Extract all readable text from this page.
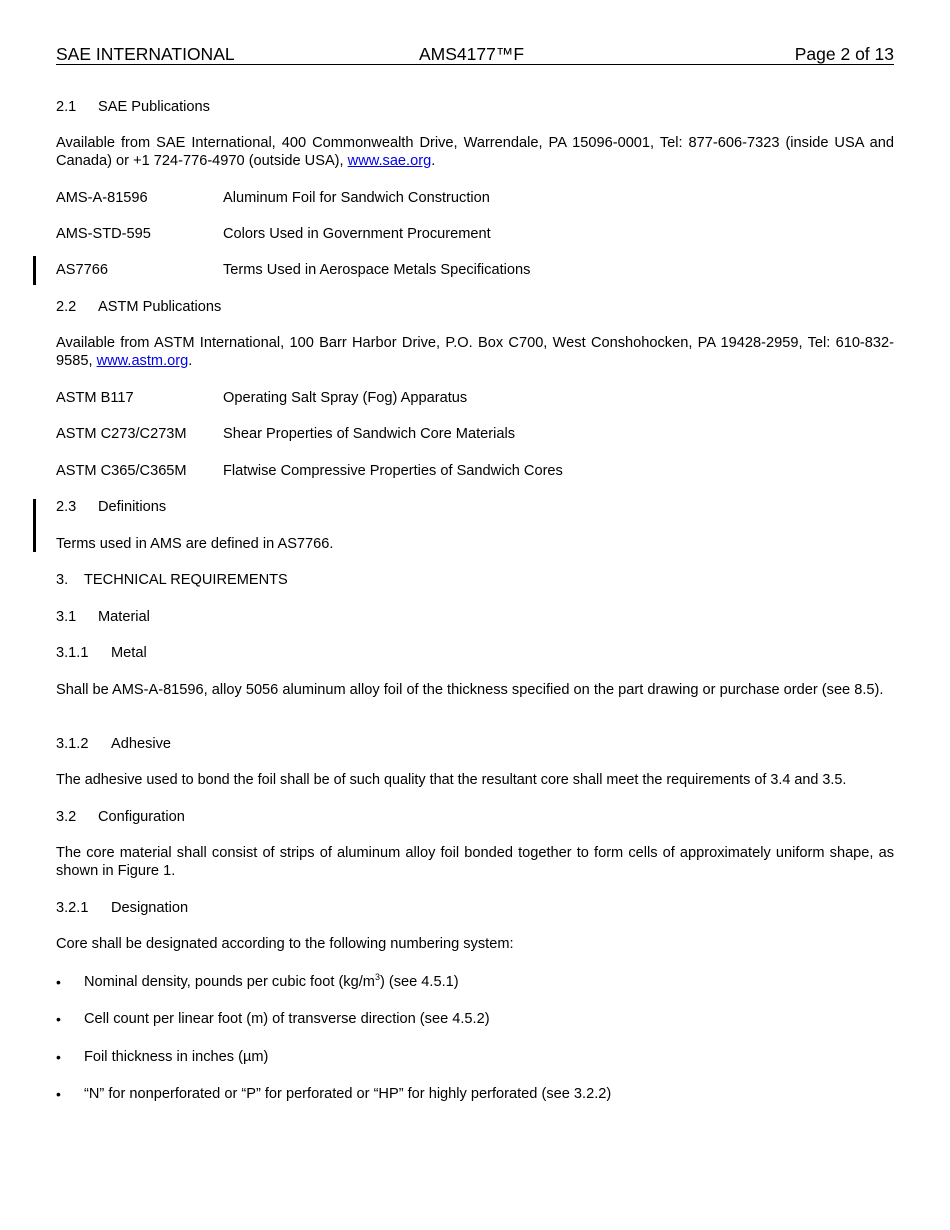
SAE INTERNATIONAL	AMS4177™F	Page 2 of 13
2.1 SAE Publications
Available from SAE International, 400 Commonwealth Drive, Warrendale, PA 15096-0001, Tel: 877-606-7323 (inside USA and Canada) or +1 724-776-4970 (outside USA), www.sae.org.
AMS-A-81596	Aluminum Foil for Sandwich Construction
AMS-STD-595	Colors Used in Government Procurement
AS7766	Terms Used in Aerospace Metals Specifications
2.2 ASTM Publications
Available from ASTM International, 100 Barr Harbor Drive, P.O. Box C700, West Conshohocken, PA 19428-2959, Tel: 610-832-9585, www.astm.org.
ASTM B117	Operating Salt Spray (Fog) Apparatus
ASTM C273/C273M Shear Properties of Sandwich Core Materials
ASTM C365/C365M Flatwise Compressive Properties of Sandwich Cores
2.3 Definitions
Terms used in AMS are defined in AS7766.
3. TECHNICAL REQUIREMENTS
3.1 Material
3.1.1 Metal
Shall be AMS-A-81596, alloy 5056 aluminum alloy foil of the thickness specified on the part drawing or purchase order (see 8.5).
3.1.2 Adhesive
The adhesive used to bond the foil shall be of such quality that the resultant core shall meet the requirements of 3.4 and 3.5.
3.2 Configuration
The core material shall consist of strips of aluminum alloy foil bonded together to form cells of approximately uniform shape, as shown in Figure 1.
3.2.1 Designation
Core shall be designated according to the following numbering system:
• Nominal density, pounds per cubic foot $(kg/m^3)$ (see 4.5.1)
• Cell count per linear foot (m) of transverse direction (see 4.5.2)
• Foil thickness in inches (µm)
• “N” for nonperforated or “P” for perforated or “HP” for highly perforated (see 3.2.2)
